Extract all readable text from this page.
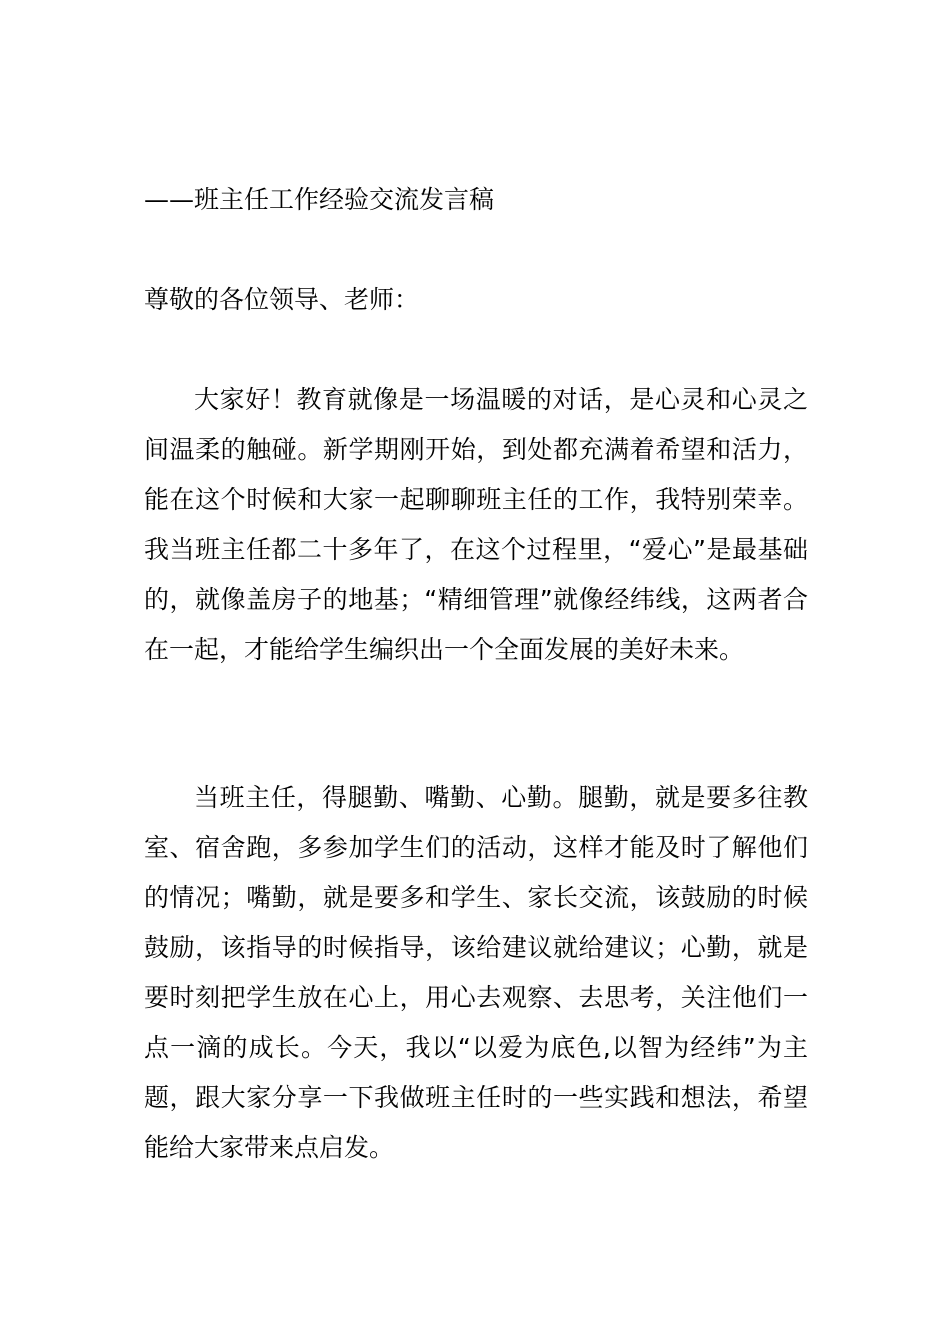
——班主任工作经验交流发言稿
尊敬的各位领导、老师：

大家好！教育就像是一场温暖的对话，是心灵和心灵之间温柔的触碰。新学期刚开始，到处都充满着希望和活力，能在这个时候和大家一起聊聊班主任的工作，我特别荣幸。我当班主任都二十多年了，在这个过程里，“爱心”是最基础的，就像盖房子的地基；“精细管理”就像经纬线，这两者合在一起，才能给学生编织出一个全面发展的美好未来。

当班主任，得腿勤、嘴勤、心勤。腿勤，就是要多往教室、宿舍跑，多参加学生们的活动，这样才能及时了解他们的情况；嘴勤，就是要多和学生、家长交流，该鼓励的时候鼓励，该指导的时候指导，该给建议就给建议；心勤，就是要时刻把学生放在心上，用心去观察、去思考，关注他们一点一滴的成长。今天，我以“以爱为底色,以智为经纬”为主题，跟大家分享一下我做班主任时的一些实践和想法，希望能给大家带来点启发。
